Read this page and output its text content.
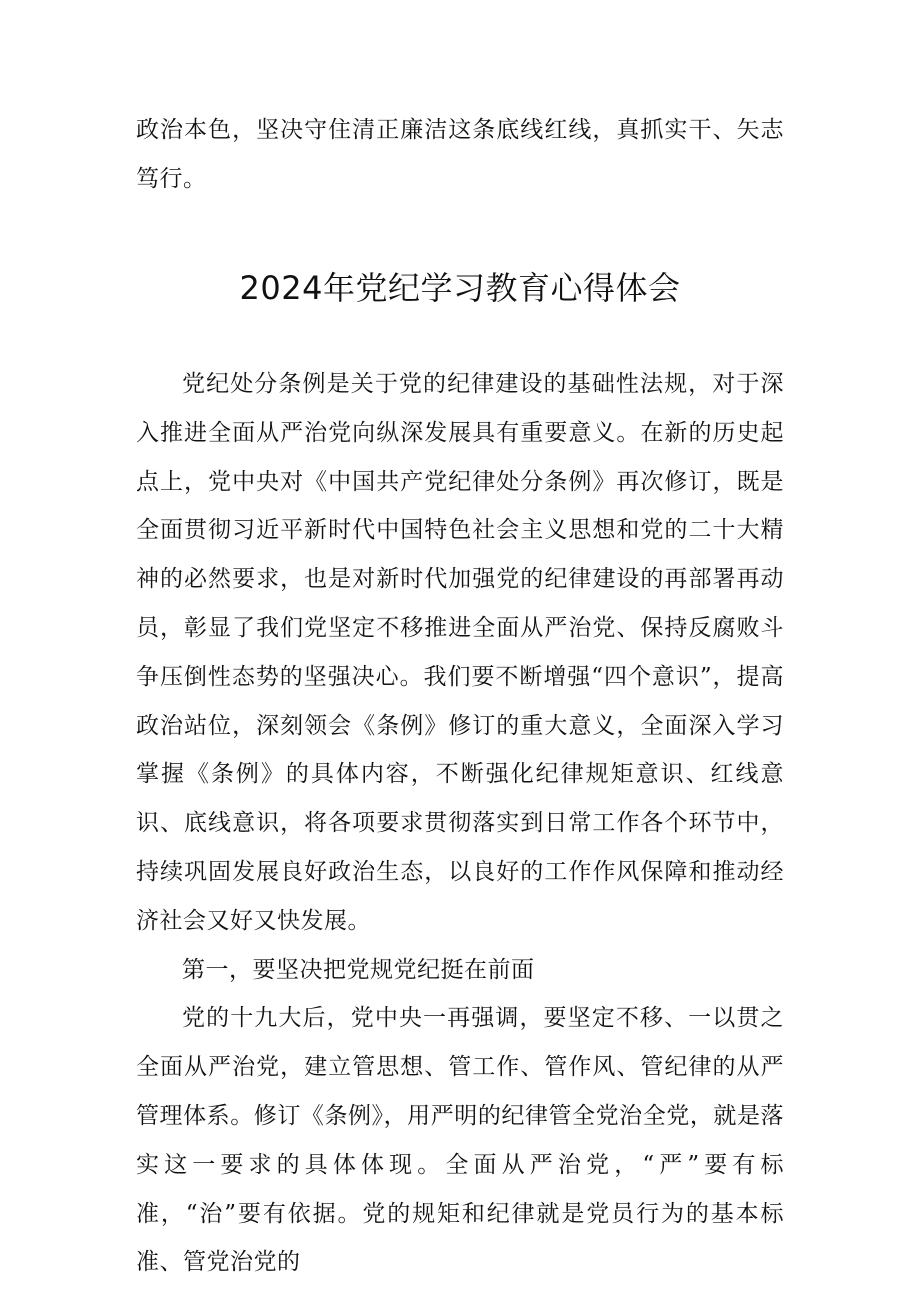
政治本色，坚决守住清正廉洁这条底线红线，真抓实干、矢志笃行。
2024年党纪学习教育心得体会

党纪处分条例是关于党的纪律建设的基础性法规，对于深入推进全面从严治党向纵深发展具有重要意义。在新的历史起点上，党中央对《中国共产党纪律处分条例》再次修订，既是全面贯彻习近平新时代中国特色社会主义思想和党的二十大精神的必然要求，也是对新时代加强党的纪律建设的再部署再动员，彰显了我们党坚定不移推进全面从严治党、保持反腐败斗争压倒性态势的坚强决心。我们要不断增强“四个意识”，提高政治站位，深刻领会《条例》修订的重大意义，全面深入学习掌握《条例》的具体内容，不断强化纪律规矩意识、红线意识、底线意识，将各项要求贯彻落实到日常工作各个环节中，持续巩固发展良好政治生态，以良好的工作作风保障和推动经济社会又好又快发展。

第一，要坚决把党规党纪挺在前面

党的十九大后，党中央一再强调，要坚定不移、一以贯之全面从严治党，建立管思想、管工作、管作风、管纪律的从严管理体系。修订《条例》，用严明的纪律管全党治全党，就是落实这一要求的具体体现。全面从严治党，“严”要有标准，“治”要有依据。党的规矩和纪律就是党员行为的基本标准、管党治党的
